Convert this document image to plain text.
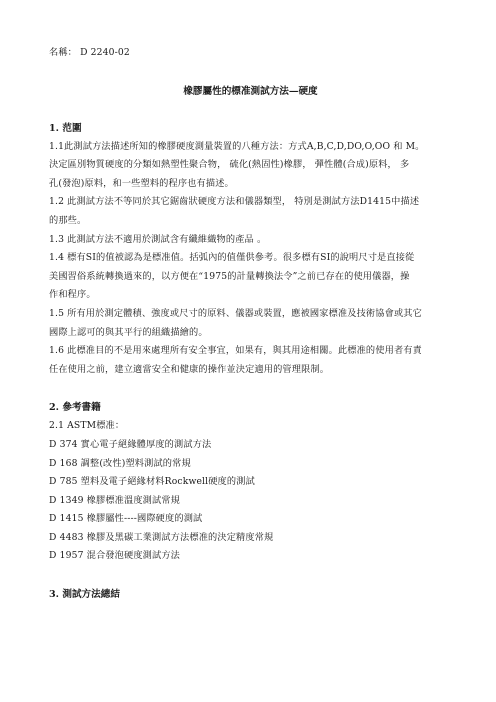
名稱： D 2240-02
橡膠屬性的標准測試方法—硬度
1. 范圍
1.1此測試方法描述所知的橡膠硬度測量裝置的八種方法：方式A,B,C,D,DO,O,OO 和 M。
決定區別物質硬度的分類如熱塑性聚合物， 硫化(熱固性)橡膠， 彈性體(合成)原料， 多
孔(發泡)原料，和一些塑料的程序也有描述。
1.2 此測試方法不等同於其它鋸齒狀硬度方法和儀器類型， 特別是測試方法D1415中描述
的那些。
1.3 此測試方法不適用於測試含有纖維織物的產品 。
1.4 標有SI的值被認為是標准值。括弧內的值僅供參考。很多標有SI的說明尺寸是直接從
美國習俗系統轉換過來的，以方便在“1975的計量轉換法令”之前已存在的使用儀器，操
作和程序。
1.5 所有用於測定體積、強度或尺寸的原料、儀器或裝置，應被國家標准及技術協會或其它
國際上認可的與其平行的組織描繪的。
1.6 此標准目的不是用來處理所有安全事宜，如果有，與其用途相關。此標准的使用者有責
任在使用之前，建立適當安全和健康的操作並決定適用的管理限制。
2. 參考書籍
2.1 ASTM標准：
D 374 實心電子絕緣體厚度的測試方法
D 168 調整(改性)塑料測試的常規
D 785 塑料及電子絕緣材料Rockwell硬度的測試
D 1349 橡膠標准溫度測試常規
D 1415 橡膠屬性----國際硬度的測試
D 4483 橡膠及黑碳工業測試方法標准的決定精度常規
D 1957 混合發泡硬度測試方法
3. 測試方法總結
